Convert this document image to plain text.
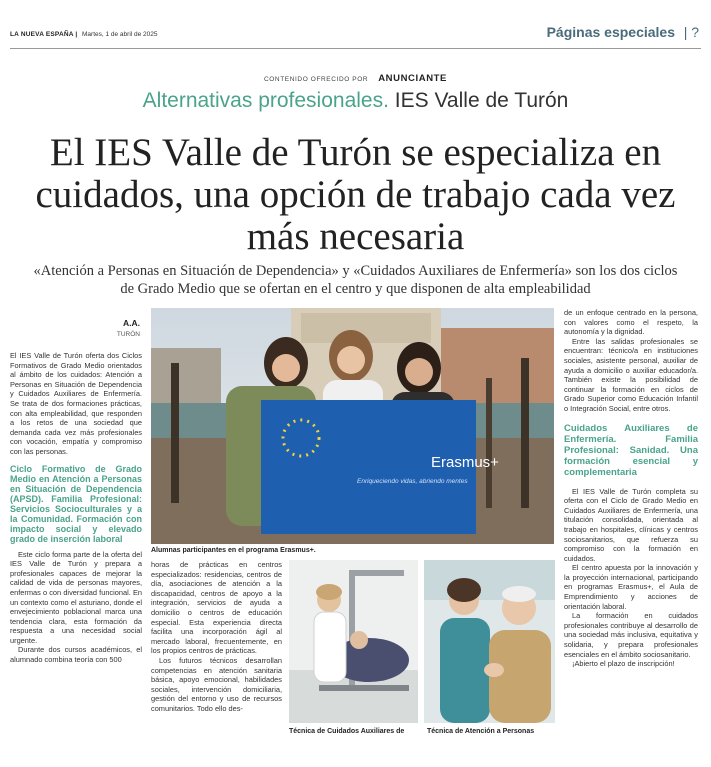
LA NUEVA ESPAÑA | Martes, 1 de abril de 2025	Páginas especiales | ?
CONTENIDO OFRECIDO POR ANUNCIANTE
Alternativas profesionales. IES Valle de Turón
El IES Valle de Turón se especializa en cuidados, una opción de trabajo cada vez más necesaria
«Atención a Personas en Situación de Dependencia» y «Cuidados Auxiliares de Enfermería» son los dos ciclos de Grado Medio que se ofertan en el centro y que disponen de alta empleabilidad
A.A.
TURÓN

El IES Valle de Turón oferta dos Ciclos Formativos de Grado Medio orientados al ámbito de los cuidados: Atención a Personas en Situación de Dependencia y Cuidados Auxiliares de Enfermería. Se trata de dos formaciones prácticas, con alta empleabilidad, que responden a los retos de una sociedad que demanda cada vez más profesionales con vocación, empatía y compromiso con las personas.

Ciclo Formativo de Grado Medio en Atención a Personas en Situación de Dependencia (APSD). Familia Profesional: Servicios Socioculturales y a la Comunidad. Formación con impacto social y elevado grado de inserción laboral

Este ciclo forma parte de la oferta del IES Valle de Turón y prepara a profesionales capaces de mejorar la calidad de vida de personas mayores, enfermas o con diversidad funcional. En un contexto como el asturiano, donde el envejecimiento poblacional marca una tendencia clara, esta formación da respuesta a una necesidad social urgente.

Durante dos cursos académicos, el alumnado combina teoría con 500

Erasmus+
Enriqueciendo vidas, abriendo mentes
Alumnas participantes en el programa Erasmus+.

horas de prácticas en centros especializados: residencias, centros de día, asociaciones de atención a la discapacidad, centros de apoyo a la integración, servicios de ayuda a domicilio o centros de educación especial. Esta experiencia directa facilita una incorporación ágil al mercado laboral, frecuentemente, en los propios centros de prácticas.

Los futuros técnicos desarrollan competencias en atención sanitaria básica, apoyo emocional, habilidades sociales, intervención domiciliaria, gestión del entorno y uso de recursos comunitarios. Todo ello des-

Técnica de Cuidados Auxiliares de	Técnica de Atención a Personas

de un enfoque centrado en la persona, con valores como el respeto, la autonomía y la dignidad.

Entre las salidas profesionales se encuentran: técnico/a en instituciones sociales, asistente personal, auxiliar de ayuda a domicilio o auxiliar educador/a. También existe la posibilidad de continuar la formación en ciclos de Grado Superior como Educación Infantil o Integración Social, entre otros.

Cuidados Auxiliares de Enfermería. Familia Profesional: Sanidad. Una formación esencial y complementaria

El IES Valle de Turón completa su oferta con el Ciclo de Grado Medio en Cuidados Auxiliares de Enfermería, una titulación consolidada, orientada al trabajo en hospitales, clínicas y centros sociosanitarios, que refuerza su compromiso con la formación en cuidados.

El centro apuesta por la innovación y la proyección internacional, participando en programas Erasmus+, el Aula de Emprendimiento y acciones de orientación laboral.

La formación en cuidados profesionales contribuye al desarrollo de una sociedad más inclusiva, equitativa y solidaria, y prepara profesionales esenciales en el ámbito sociosanitario.

¡Abierto el plazo de inscripción!
